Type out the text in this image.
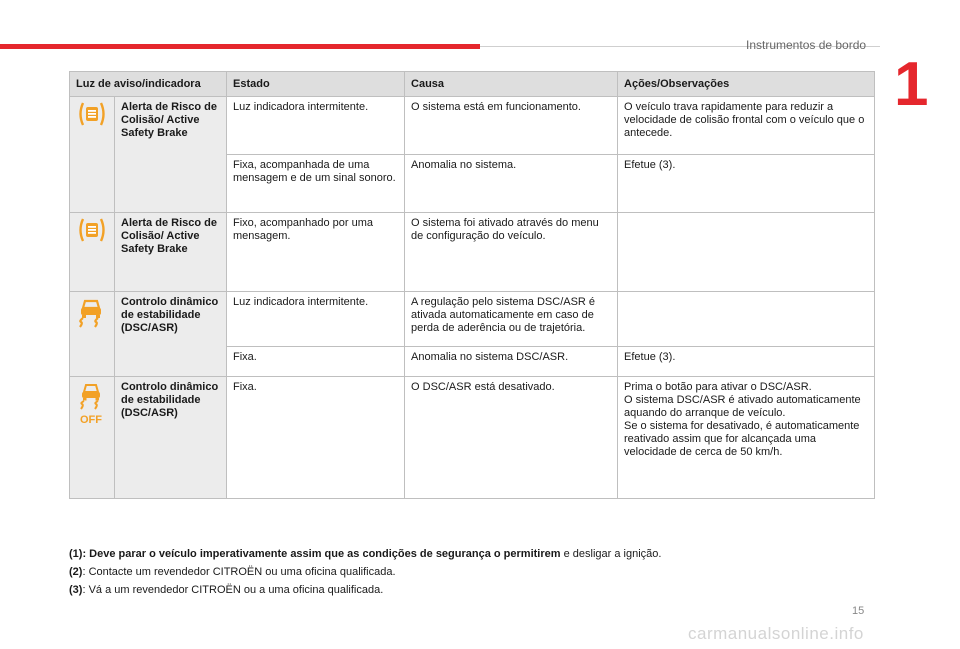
Instrumentos de bordo
1
Luz de aviso/indicadora		Estado	Causa	Ações/Observações
	Alerta de Risco de Colisão/ Active Safety Brake	Luz indicadora intermitente.	O sistema está em funcionamento.	O veículo trava rapidamente para reduzir a velocidade de colisão frontal com o veículo que o antecede.
		Fixa, acompanhada de uma mensagem e de um sinal sonoro.	Anomalia no sistema.	Efetue (3).
	Alerta de Risco de Colisão/ Active Safety Brake	Fixo, acompanhado por uma mensagem.	O sistema foi ativado através do menu de configuração do veículo.	
	Controlo dinâmico de estabilidade (DSC/ASR)	Luz indicadora intermitente.	A regulação pelo sistema DSC/ASR é ativada automaticamente em caso de perda de aderência ou de trajetória.	
		Fixa.	Anomalia no sistema DSC/ASR.	Efetue (3).

OFF	Controlo dinâmico de estabilidade (DSC/ASR)	Fixa.	O DSC/ASR está desativado.	Prima o botão para ativar o DSC/ASR.
O sistema DSC/ASR é ativado automaticamente aquando do arranque de veículo.
Se o sistema for desativado, é automaticamente reativado assim que for alcançada uma velocidade de cerca de 50 km/h.

(1): Deve parar o veículo imperativamente assim que as condições de segurança o permitirem e desligar a ignição.

(2): Contacte um revendedor CITROËN ou uma oficina qualificada.

(3): Vá a um revendedor CITROËN ou a uma oficina qualificada.

15
carmanualsonline.info
